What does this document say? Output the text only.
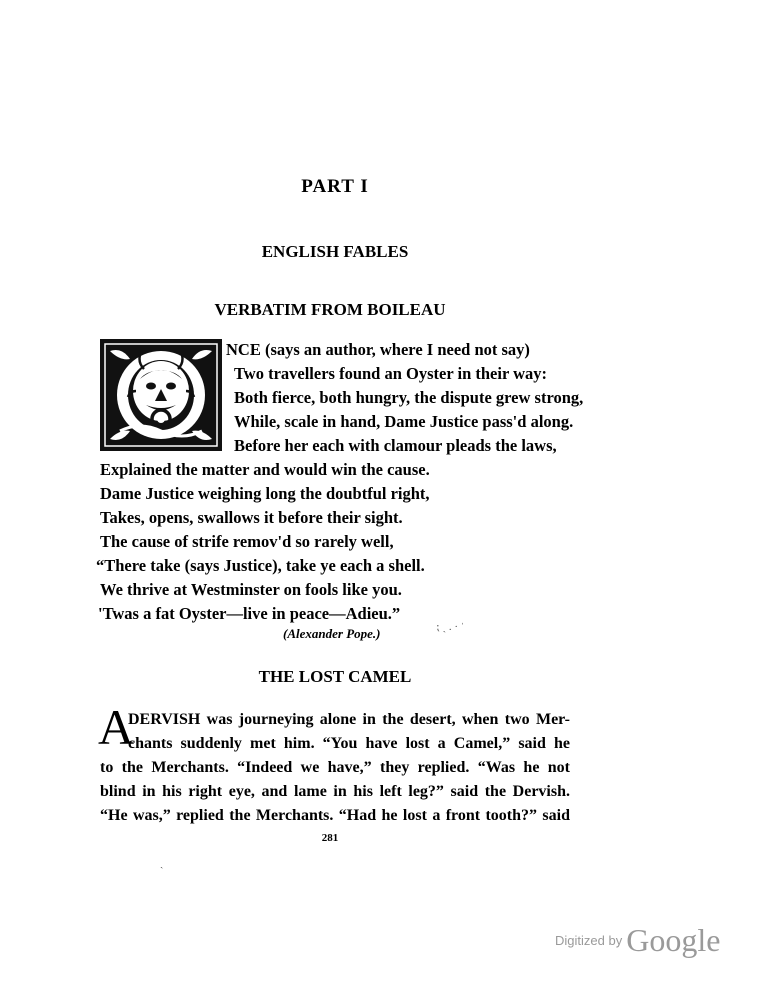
PART I
ENGLISH FABLES
VERBATIM FROM BOILEAU
NCE (says an author, where I need not say)
Two travellers found an Oyster in their way:
Both fierce, both hungry, the dispute grew strong,
While, scale in hand, Dame Justice pass'd along.
Before her each with clamour pleads the laws,
Explained the matter and would win the cause.
Dame Justice weighing long the doubtful right,
Takes, opens, swallows it before their sight.
The cause of strife remov'd so rarely well,
“There take (says Justice), take ye each a shell.
We thrive at Westminster on fools like you.
'Twas a fat Oyster—live in peace—Adieu.”
(Alexander Pope.)	⁏ ˏ . · ˈ
THE LOST CAMEL
A
DERVISH was journeying alone in the desert, when two Mer-
chants suddenly met him. “You have lost a Camel,” said he
to the Merchants. “Indeed we have,” they replied. “Was he not
blind in his right eye, and lame in his left leg?” said the Dervish.
“He was,” replied the Merchants. “Had he lost a front tooth?” said
281
ˏ
Digitized by Google
